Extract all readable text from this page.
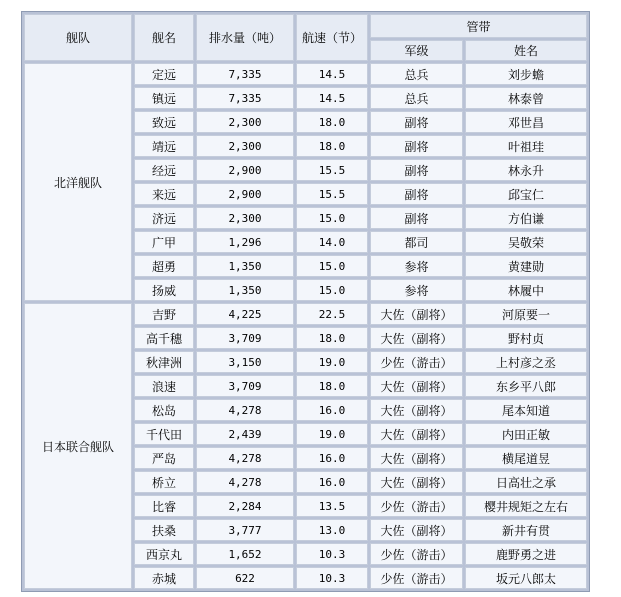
舰队	舰名	排水量（吨）	航速（节）	管带	
				军级	姓名
北洋舰队	定远	7,335	14.5	总兵	刘步蟾
	镇远	7,335	14.5	总兵	林泰曾
	致远	2,300	18.0	副将	邓世昌
	靖远	2,300	18.0	副将	叶祖珪
	经远	2,900	15.5	副将	林永升
	来远	2,900	15.5	副将	邱宝仁
	济远	2,300	15.0	副将	方伯谦
	广甲	1,296	14.0	都司	吴敬荣
	超勇	1,350	15.0	参将	黄建勋
	扬威	1,350	15.0	参将	林履中
日本联合舰队	吉野	4,225	22.5	大佐（副将）	河原要一
	高千穗	3,709	18.0	大佐（副将）	野村贞
	秋津洲	3,150	19.0	少佐（游击）	上村彦之丞
	浪速	3,709	18.0	大佐（副将）	东乡平八郎
	松岛	4,278	16.0	大佐（副将）	尾本知道
	千代田	2,439	19.0	大佐（副将）	内田正敏
	严岛	4,278	16.0	大佐（副将）	横尾道昱
	桥立	4,278	16.0	大佐（副将）	日高壮之承
	比睿	2,284	13.5	少佐（游击）	樱井规矩之左右
	扶桑	3,777	13.0	大佐（副将）	新井有贯
	西京丸	1,652	10.3	少佐（游击）	鹿野勇之进
	赤城	622	10.3	少佐（游击）	坂元八郎太
